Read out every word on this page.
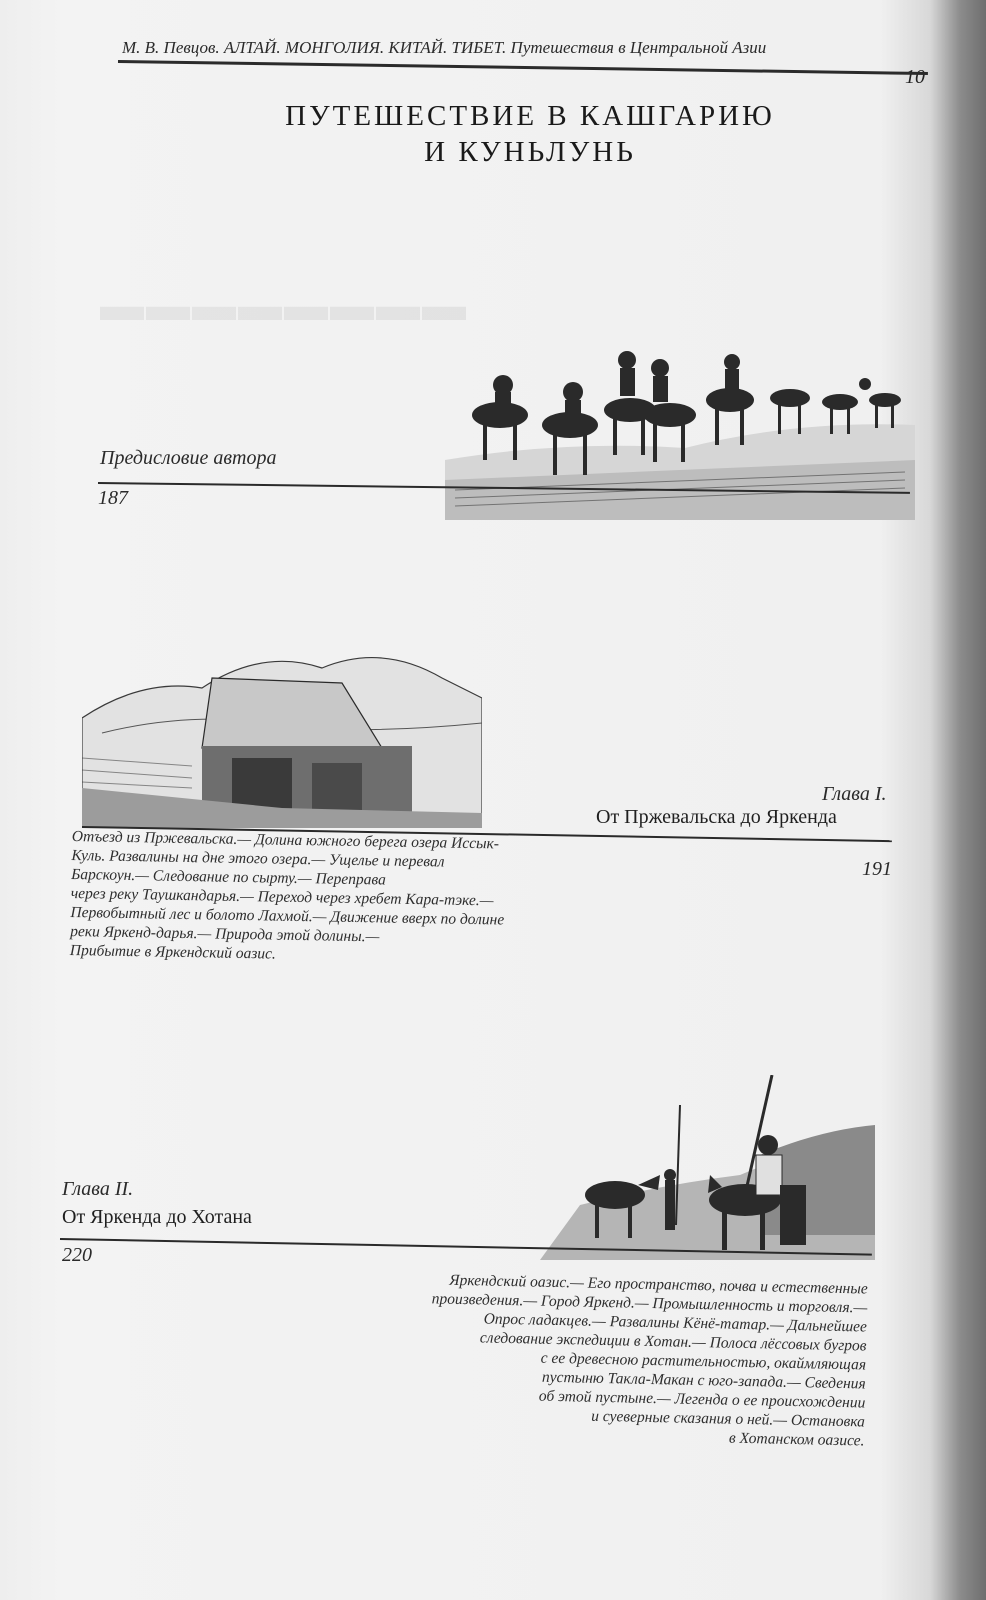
▬▬▬▬▬▬▬▬
М. В. Певцов. АЛТАЙ. МОНГОЛИЯ. КИТАЙ. ТИБЕТ. Путешествия в Центральной Азии
10
ПУТЕШЕСТВИЕ В КАШГАРИЮ
И КУНЬЛУНЬ
Предисловие автора
187
Глава I.
От Пржевальска до Яркенда
191
Отъезд из Пржевальска.— Долина южного берега озера Иссык-
Куль. Развалины на дне этого озера.— Ущелье и перевал
Барскоун.— Следование по сырту.— Переправа
через реку Таушкандарья.— Переход через хребет Кара-тэке.—
Первобытный лес и болото Лахмой.— Движение вверх по долине
реки Яркенд-дарья.— Природа этой долины.—
Прибытие в Яркендский оазис.
Глава II.
От Яркенда до Хотана
220
Яркендский оазис.— Его пространство, почва и естественные
произведения.— Город Яркенд.— Промышленность и торговля.—
Опрос ладакцев.— Развалины Кёнё-татар.— Дальнейшее
следование экспедиции в Хотан.— Полоса лёссовых бугров
с ее древесною растительностью, окаймляющая
пустыню Такла-Макан с юго-запада.— Сведения
об этой пустыне.— Легенда о ее происхождении
и суеверные сказания о ней.— Остановка
в Хотанском оазисе.
